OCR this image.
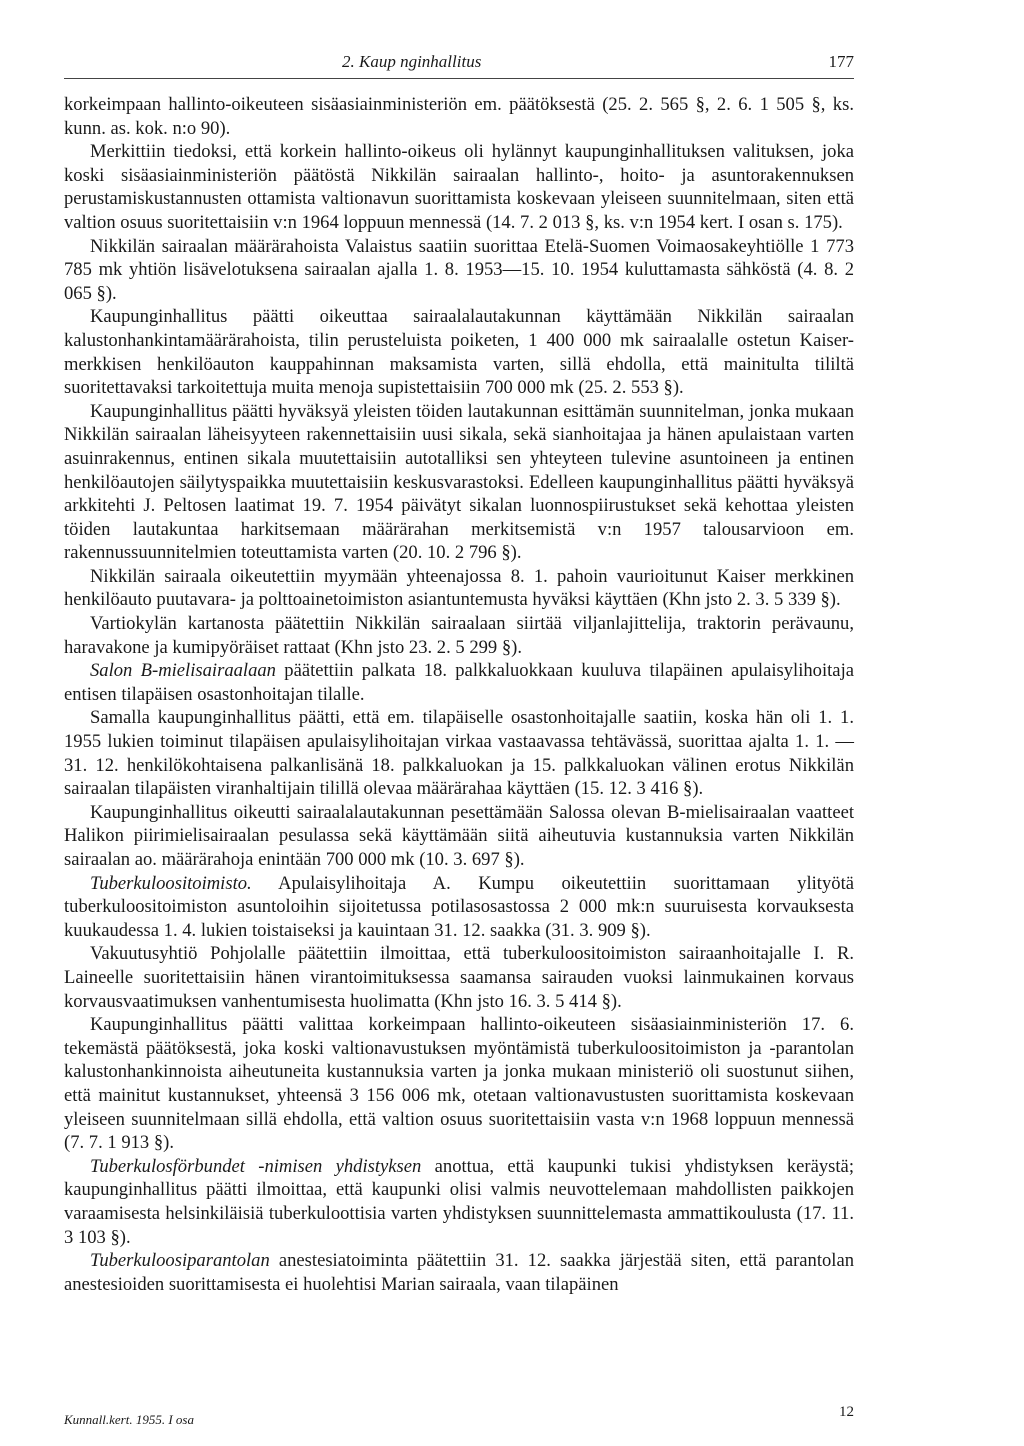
2. Kaup nginhallitus	177

korkeimpaan hallinto-oikeuteen sisäasiainministeriön em. päätöksestä (25. 2. 565 §, 2. 6. 1 505 §, ks. kunn. as. kok. n:o 90).

Merkittiin tiedoksi, että korkein hallinto-oikeus oli hylännyt kaupunginhallituksen valituksen, joka koski sisäasiainministeriön päätöstä Nikkilän sairaalan hallinto-, hoito- ja asuntorakennuksen perustamiskustannusten ottamista valtionavun suorittamista koskevaan yleiseen suunnitelmaan, siten että valtion osuus suoritettaisiin v:n 1964 loppuun mennessä (14. 7. 2 013 §, ks. v:n 1954 kert. I osan s. 175).

Nikkilän sairaalan määrärahoista Valaistus saatiin suorittaa Etelä-Suomen Voimaosakeyhtiölle 1 773 785 mk yhtiön lisävelotuksena sairaalan ajalla 1. 8. 1953—15. 10. 1954 kuluttamasta sähköstä (4. 8. 2 065 §).

Kaupunginhallitus päätti oikeuttaa sairaalalautakunnan käyttämään Nikkilän sairaalan kalustonhankintamäärärahoista, tilin perusteluista poiketen, 1 400 000 mk sairaalalle ostetun Kaiser-merkkisen henkilöauton kauppahinnan maksamista varten, sillä ehdolla, että mainitulta tililtä suoritettavaksi tarkoitettuja muita menoja supistettaisiin 700 000 mk (25. 2. 553 §).

Kaupunginhallitus päätti hyväksyä yleisten töiden lautakunnan esittämän suunnitelman, jonka mukaan Nikkilän sairaalan läheisyyteen rakennettaisiin uusi sikala, sekä sianhoitajaa ja hänen apulaistaan varten asuinrakennus, entinen sikala muutettaisiin autotalliksi sen yhteyteen tulevine asuntoineen ja entinen henkilöautojen säilytyspaikka muutettaisiin keskusvarastoksi. Edelleen kaupunginhallitus päätti hyväksyä arkkitehti J. Peltosen laatimat 19. 7. 1954 päivätyt sikalan luonnospiirustukset sekä kehottaa yleisten töiden lautakuntaa harkitsemaan määrärahan merkitsemistä v:n 1957 talousarvioon em. rakennussuunnitelmien toteuttamista varten (20. 10. 2 796 §).

Nikkilän sairaala oikeutettiin myymään yhteenajossa 8. 1. pahoin vaurioitunut Kaiser merkkinen henkilöauto puutavara- ja polttoainetoimiston asiantuntemusta hyväksi käyttäen (Khn jsto 2. 3. 5 339 §).

Vartiokylän kartanosta päätettiin Nikkilän sairaalaan siirtää viljanlajittelija, traktorin perävaunu, haravakone ja kumipyöräiset rattaat (Khn jsto 23. 2. 5 299 §).

Salon B-mielisairaalaan päätettiin palkata 18. palkkaluokkaan kuuluva tilapäinen apulaisylihoitaja entisen tilapäisen osastonhoitajan tilalle.

Samalla kaupunginhallitus päätti, että em. tilapäiselle osastonhoitajalle saatiin, koska hän oli 1. 1. 1955 lukien toiminut tilapäisen apulaisylihoitajan virkaa vastaavassa tehtävässä, suorittaa ajalta 1. 1. —31. 12. henkilökohtaisena palkanlisänä 18. palkkaluokan ja 15. palkkaluokan välinen erotus Nikkilän sairaalan tilapäisten viranhaltijain tilillä olevaa määrärahaa käyttäen (15. 12. 3 416 §).

Kaupunginhallitus oikeutti sairaalalautakunnan pesettämään Salossa olevan B-mielisairaalan vaatteet Halikon piirimielisairaalan pesulassa sekä käyttämään siitä aiheutuvia kustannuksia varten Nikkilän sairaalan ao. määrärahoja enintään 700 000 mk (10. 3. 697 §).

Tuberkuloositoimisto. Apulaisylihoitaja A. Kumpu oikeutettiin suorittamaan ylityötä tuberkuloositoimiston asuntoloihin sijoitetussa potilasosastossa 2 000 mk:n suuruisesta korvauksesta kuukaudessa 1. 4. lukien toistaiseksi ja kauintaan 31. 12. saakka (31. 3. 909 §).

Vakuutusyhtiö Pohjolalle päätettiin ilmoittaa, että tuberkuloositoimiston sairaanhoitajalle I. R. Laineelle suoritettaisiin hänen virantoimituksessa saamansa sairauden vuoksi lainmukainen korvaus korvausvaatimuksen vanhentumisesta huolimatta (Khn jsto 16. 3. 5 414 §).

Kaupunginhallitus päätti valittaa korkeimpaan hallinto-oikeuteen sisäasiainministeriön 17. 6. tekemästä päätöksestä, joka koski valtionavustuksen myöntämistä tuberkuloositoimiston ja -parantolan kalustonhankinnoista aiheutuneita kustannuksia varten ja jonka mukaan ministeriö oli suostunut siihen, että mainitut kustannukset, yhteensä 3 156 006 mk, otetaan valtionavustusten suorittamista koskevaan yleiseen suunnitelmaan sillä ehdolla, että valtion osuus suoritettaisiin vasta v:n 1968 loppuun mennessä (7. 7. 1 913 §).

Tuberkulosförbundet -nimisen yhdistyksen anottua, että kaupunki tukisi yhdistyksen keräystä; kaupunginhallitus päätti ilmoittaa, että kaupunki olisi valmis neuvottelemaan mahdollisten paikkojen varaamisesta helsinkiläisiä tuberkuloottisia varten yhdistyksen suunnittelemasta ammattikoulusta (17. 11. 3 103 §).

Tuberkuloosiparantolan anestesiatoiminta päätettiin 31. 12. saakka järjestää siten, että parantolan anestesioiden suorittamisesta ei huolehtisi Marian sairaala, vaan tilapäinen

Kunnall.kert. 1955. I osa	12
